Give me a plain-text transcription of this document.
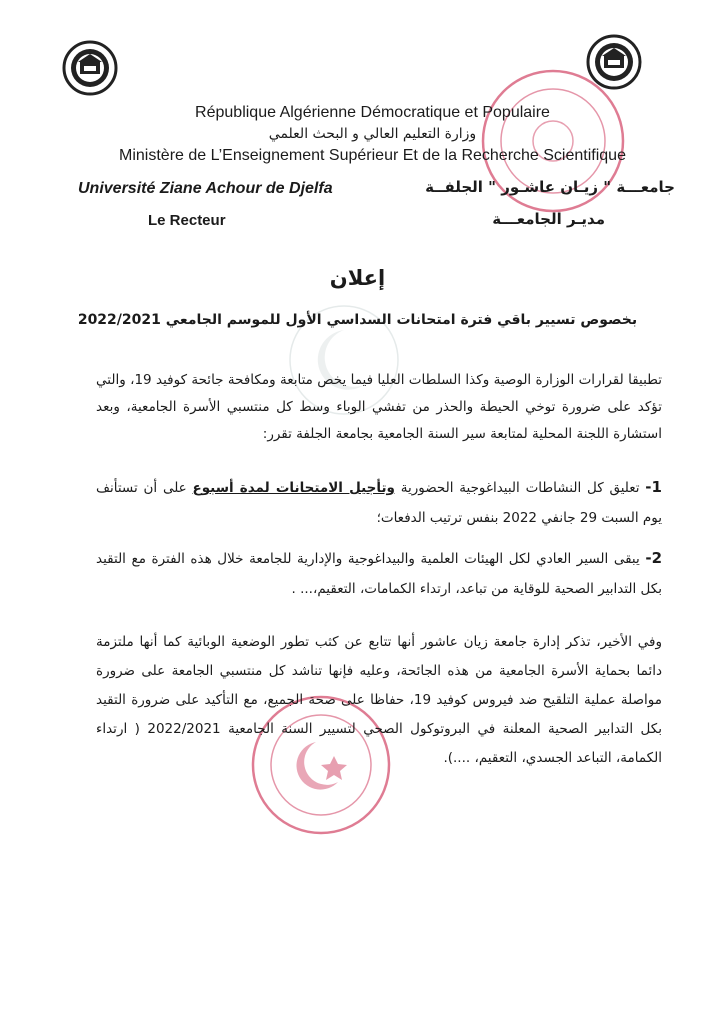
République Algérienne Démocratique et Populaire
وزارة التعليم العالي و البحث العلمي
Ministère de L’Enseignement Supérieur Et de la Recherche Scientifique
Université Ziane Achour de Djelfa	جامعـــة " زيـان عاشـور " الجلفــة
Le Recteur	مديـر الجامعـــة
إعلان
بخصوص تسيير باقي فترة امتحانات السداسي الأول للموسم الجامعي 2022/2021
تطبيقا لقرارات الوزارة الوصية وكذا السلطات العليا فيما يخص متابعة ومكافحة جائحة كوفيد 19، والتي تؤكد على ضرورة توخي الحيطة والحذر من تفشي الوباء وسط كل منتسبي الأسرة الجامعية، وبعد استشارة اللجنة المحلية لمتابعة سير السنة الجامعية بجامعة الجلفة تقرر:
1- تعليق كل النشاطات البيداغوجية الحضورية وتأجيل الامتحانات لمدة أسبوع على أن تستأنف يوم السبت 29 جانفي 2022 بنفس ترتيب الدفعات؛
2- يبقى السير العادي لكل الهيئات العلمية والبيداغوجية والإدارية للجامعة خلال هذه الفترة مع التقيد بكل التدابير الصحية للوقاية من تباعد، ارتداء الكمامات، التعقيم،... .
وفي الأخير، تذكر إدارة جامعة زيان عاشور أنها تتابع عن كثب تطور الوضعية الوبائية كما أنها ملتزمة دائما بحماية الأسرة الجامعية من هذه الجائحة، وعليه فإنها تناشد كل منتسبي الجامعة على ضرورة مواصلة عملية التلقيح ضد فيروس كوفيد 19، حفاظا على صحة الجميع، مع التأكيد على ضرورة التقيد بكل التدابير الصحية المعلنة في البروتوكول الصحي لتسيير السنة الجامعية 2022/2021 ( ارتداء الكمامة، التباعد الجسدي، التعقيم، ....).
